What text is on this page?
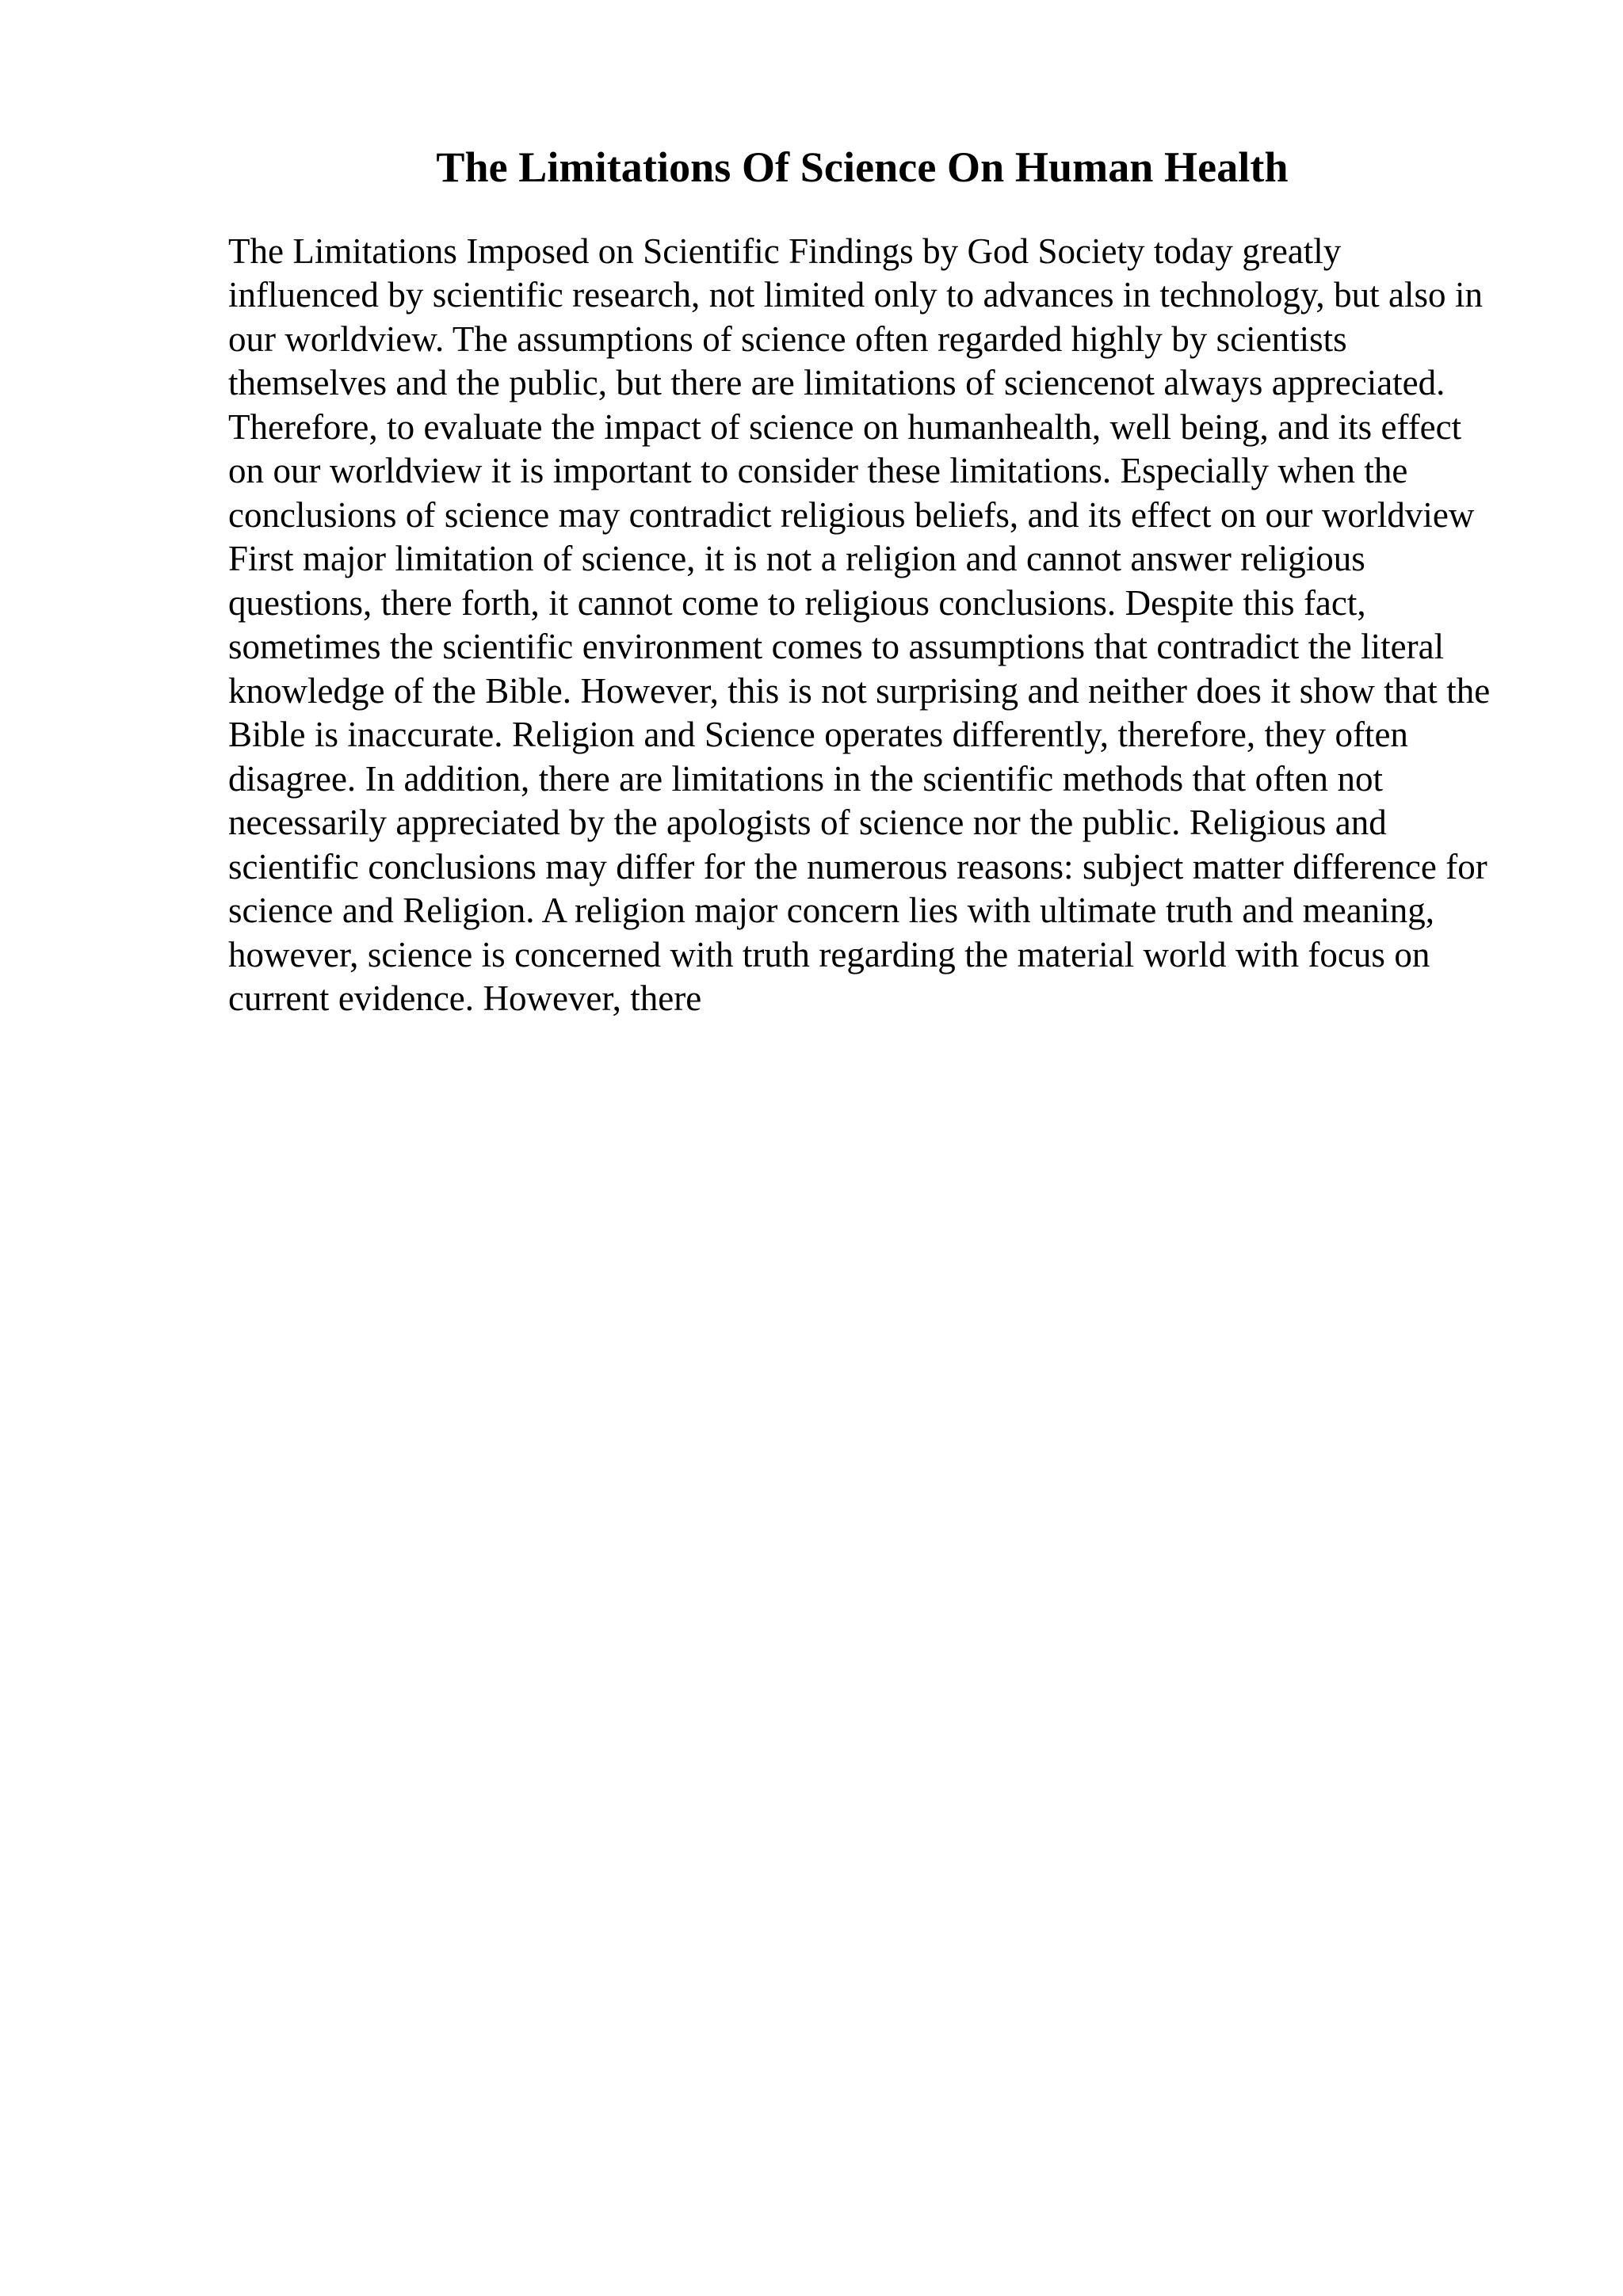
The Limitations Of Science On Human Health

The Limitations Imposed on Scientific Findings by God Society today greatly influenced by scientific research, not limited only to advances in technology, but also in our worldview. The assumptions of science often regarded highly by scientists themselves and the public, but there are limitations of sciencenot always appreciated. Therefore, to evaluate the impact of science on humanhealth, well being, and its effect on our worldview it is important to consider these limitations. Especially when the conclusions of science may contradict religious beliefs, and its effect on our worldview

First major limitation of science, it is not a religion and cannot answer religious questions, there forth, it cannot come to religious conclusions. Despite this fact, sometimes the scientific environment comes to assumptions that contradict the literal knowledge of the Bible. However, this is not surprising and neither does it show that the Bible is inaccurate. Religion and Science operates differently, therefore, they often disagree. In addition, there are limitations in the scientific methods that often not necessarily appreciated by the apologists of science nor the public. Religious and scientific conclusions may differ for the numerous reasons: subject matter difference for science and Religion. A religion major concern lies with ultimate truth and meaning, however, science is concerned with truth regarding the material world with focus on current evidence. However, there
